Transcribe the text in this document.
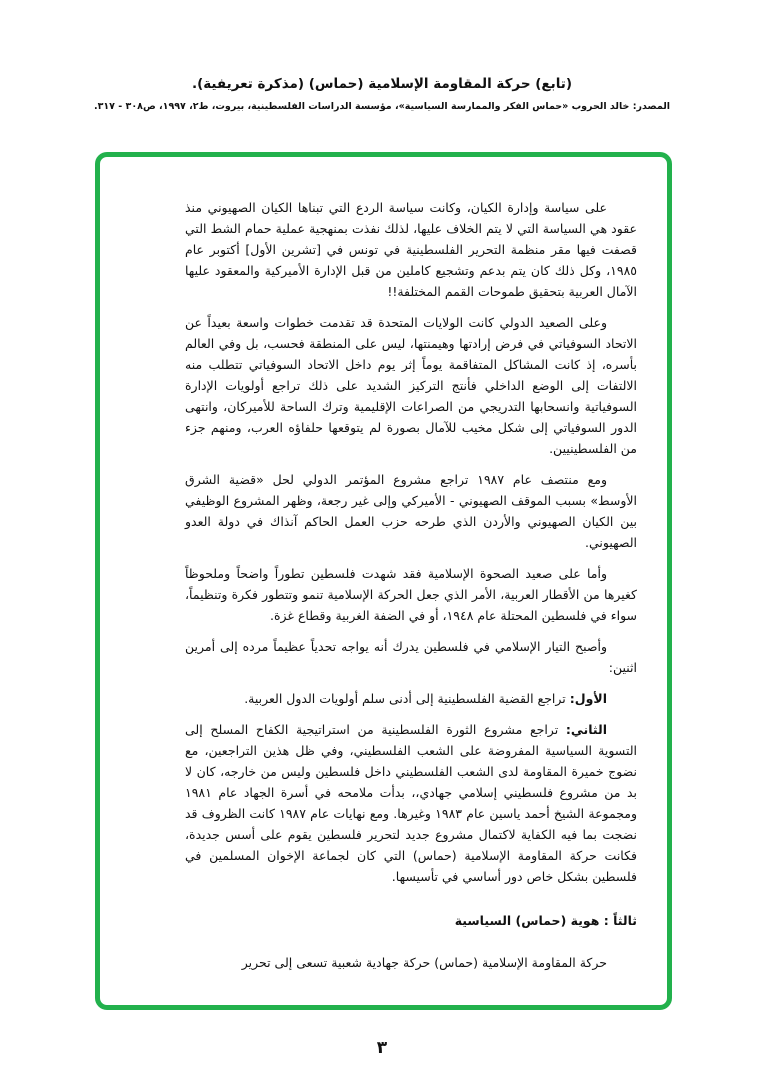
(تابع) حركة المقاومة الإسلامية (حماس) (مذكرة تعريفية).
المصدر: خالد الحروب «حماس الفكر والممارسة السياسية»، مؤسسة الدراسات الفلسطينية، بيروت، ط٢، ١٩٩٧، ص٣٠٨ - ٣١٧.

على سياسة وإدارة الكيان، وكانت سياسة الردع التي تبناها الكيان الصهيوني منذ عقود هي السياسة التي لا يتم الخلاف عليها، لذلك نفذت بمنهجية عملية حمام الشط التي قصفت فيها مقر منظمة التحرير الفلسطينية في تونس في [تشرين الأول] أكتوبر عام ١٩٨٥، وكل ذلك كان يتم بدعم وتشجيع كاملين من قبل الإدارة الأميركية والمعقود عليها الآمال العربية بتحقيق طموحات القمم المختلفة!!

وعلى الصعيد الدولي كانت الولايات المتحدة قد تقدمت خطوات واسعة بعيداً عن الاتحاد السوفياتي في فرض إرادتها وهيمنتها، ليس على المنطقة فحسب، بل وفي العالم بأسره، إذ كانت المشاكل المتفاقمة يوماً إثر يوم داخل الاتحاد السوفياتي تتطلب منه الالتفات إلى الوضع الداخلي فأنتج التركيز الشديد على ذلك تراجع أولويات الإدارة السوفياتية وانسحابها التدريجي من الصراعات الإقليمية وترك الساحة للأميركان، وانتهى الدور السوفياتي إلى شكل مخيب للآمال بصورة لم يتوقعها حلفاؤه العرب، ومنهم جزء من الفلسطينيين.

ومع منتصف عام ١٩٨٧ تراجع مشروع المؤتمر الدولي لحل «قضية الشرق الأوسط» بسبب الموقف الصهيوني - الأميركي وإلى غير رجعة، وظهر المشروع الوظيفي بين الكيان الصهيوني والأردن الذي طرحه حزب العمل الحاكم آنذاك في دولة العدو الصهيوني.

وأما على صعيد الصحوة الإسلامية فقد شهدت فلسطين تطوراً واضحاً وملحوظاً كغيرها من الأقطار العربية، الأمر الذي جعل الحركة الإسلامية تنمو وتتطور فكرة وتنظيماً، سواء في فلسطين المحتلة عام ١٩٤٨، أو في الضفة الغربية وقطاع غزة.

وأصبح التيار الإسلامي في فلسطين يدرك أنه يواجه تحدياً عظيماً مرده إلى أمرين اثنين:

الأول: تراجع القضية الفلسطينية إلى أدنى سلم أولويات الدول العربية.

الثاني: تراجع مشروع الثورة الفلسطينية من استراتيجية الكفاح المسلح إلى التسوية السياسية المفروضة على الشعب الفلسطيني، وفي ظل هذين التراجعين، مع نضوج خميرة المقاومة لدى الشعب الفلسطيني داخل فلسطين وليس من خارجه، كان لا بد من مشروع فلسطيني إسلامي جهادي،، بدأت ملامحه في أسرة الجهاد عام ١٩٨١ ومجموعة الشيخ أحمد ياسين عام ١٩٨٣ وغيرها. ومع نهايات عام ١٩٨٧ كانت الظروف قد نضجت بما فيه الكفاية لاكتمال مشروع جديد لتحرير فلسطين يقوم على أسس جديدة، فكانت حركة المقاومة الإسلامية (حماس) التي كان لجماعة الإخوان المسلمين في فلسطين بشكل خاص دور أساسي في تأسيسها.

ثالثاً : هوية (حماس) السياسية

حركة المقاومة الإسلامية (حماس) حركة جهادية شعبية تسعى إلى تحرير

٣
